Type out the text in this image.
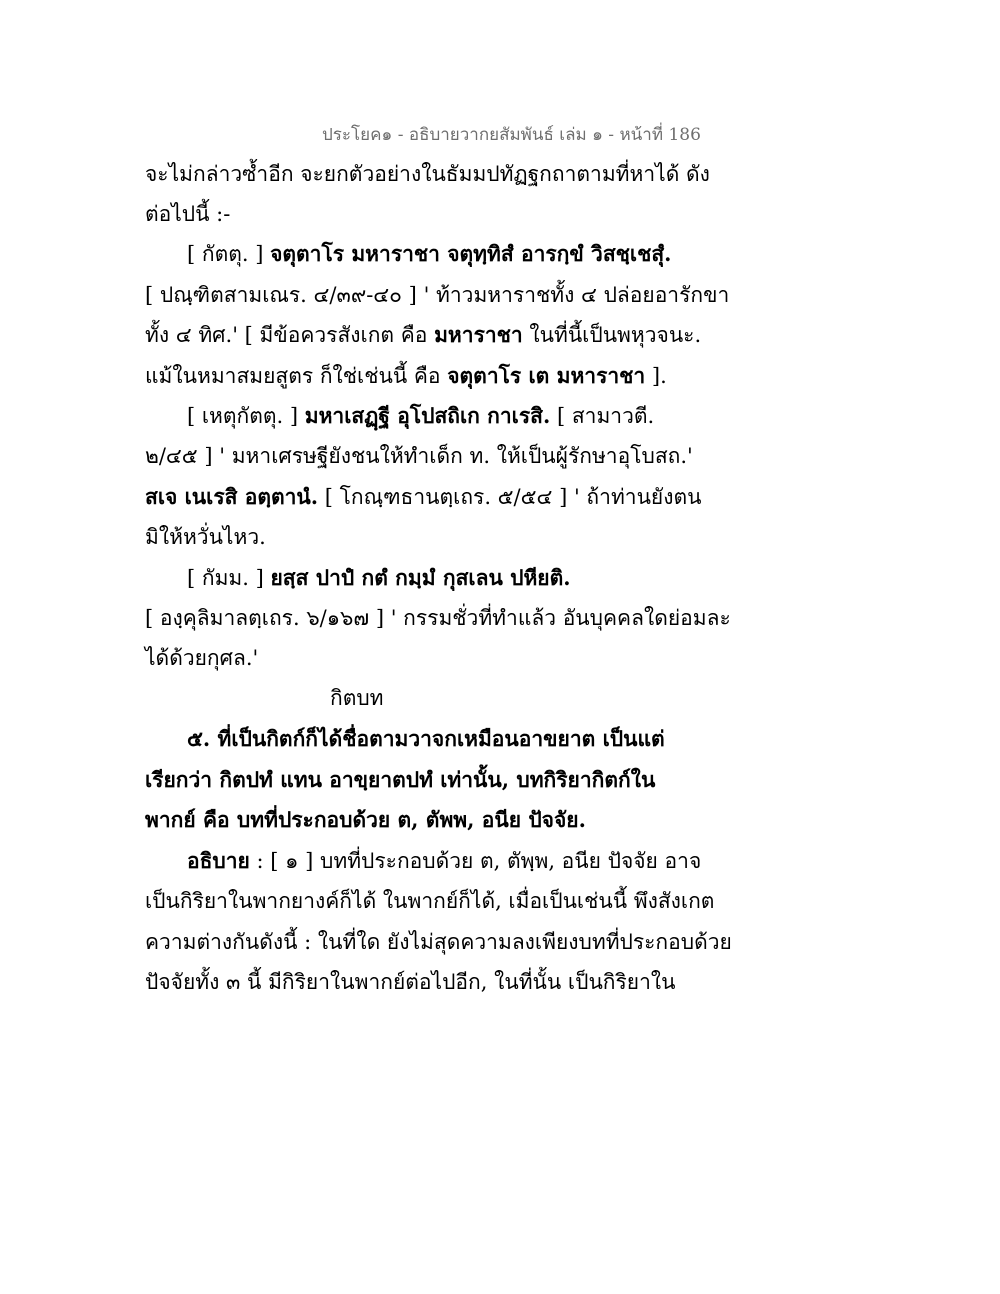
ประโยค๑ - อธิบายวากยสัมพันธ์ เล่ม ๑ - หน้าที่ 186
จะไม่กล่าวซ้ำอีก จะยกตัวอย่างในธัมมปทัฏฐกถาตามที่หาได้ ดัง
ต่อไปนี้ :-
[ กัตตุ. ] จตุตาโร มหาราชา จตุทฺทิสํ อารกฺขํ วิสชฺเชสุํ.
[ ปณฺฑิตสามเณร. ๔/๓๙-๔๐ ] ' ท้าวมหาราชทั้ง ๔ ปล่อยอารักขา
ทั้ง ๔ ทิศ.' [ มีข้อควรสังเกต คือ มหาราชา ในที่นี้เป็นพหุวจนะ.
แม้ในหมาสมยสูตร ก็ใช่เช่นนี้ คือ จตุตาโร เต มหาราชา ].
[ เหตุกัตตุ. ] มหาเสฏฺฐี อุโปสถิเก กาเรสิ. [ สามาวตี.
๒/๔๕ ] ' มหาเศรษฐียังชนให้ทำเด็ก ท. ให้เป็นผู้รักษาอุโบสถ.'
สเจ เนเรสิ อตฺตานํ. [ โกณฺฑธานตฺเถร. ๕/๕๔ ] ' ถ้าท่านยังตน
มิให้หวั่นไหว.
[ กัมม. ] ยสฺส ปาปํ กตํ กมฺมํ กุสเลน ปหียติ.
[ องฺคุลิมาลตฺเถร. ๖/๑๖๗ ] ' กรรมชั่วที่ทำแล้ว อันบุคคลใดย่อมละ
ได้ด้วยกุศล.'
กิตบท
๕. ที่เป็นกิตก์ก็ได้ชื่อตามวาจกเหมือนอาขยาต เป็นแต่
เรียกว่า กิตปทํ แทน อาขฺยาตปทํ เท่านั้น, บทกิริยากิตก์ใน
พากย์ คือ บทที่ประกอบด้วย ต, ตัพพ, อนีย ปัจจัย.
อธิบาย : [ ๑ ] บทที่ประกอบด้วย ต, ตัพฺพ, อนีย ปัจจัย อาจ
เป็นกิริยาในพากยางค์ก็ได้ ในพากย์ก็ได้, เมื่อเป็นเช่นนี้ พึงสังเกต
ความต่างกันดังนี้ : ในที่ใด ยังไม่สุดความลงเพียงบทที่ประกอบด้วย
ปัจจัยทั้ง ๓ นี้ มีกิริยาในพากย์ต่อไปอีก, ในที่นั้น เป็นกิริยาใน
